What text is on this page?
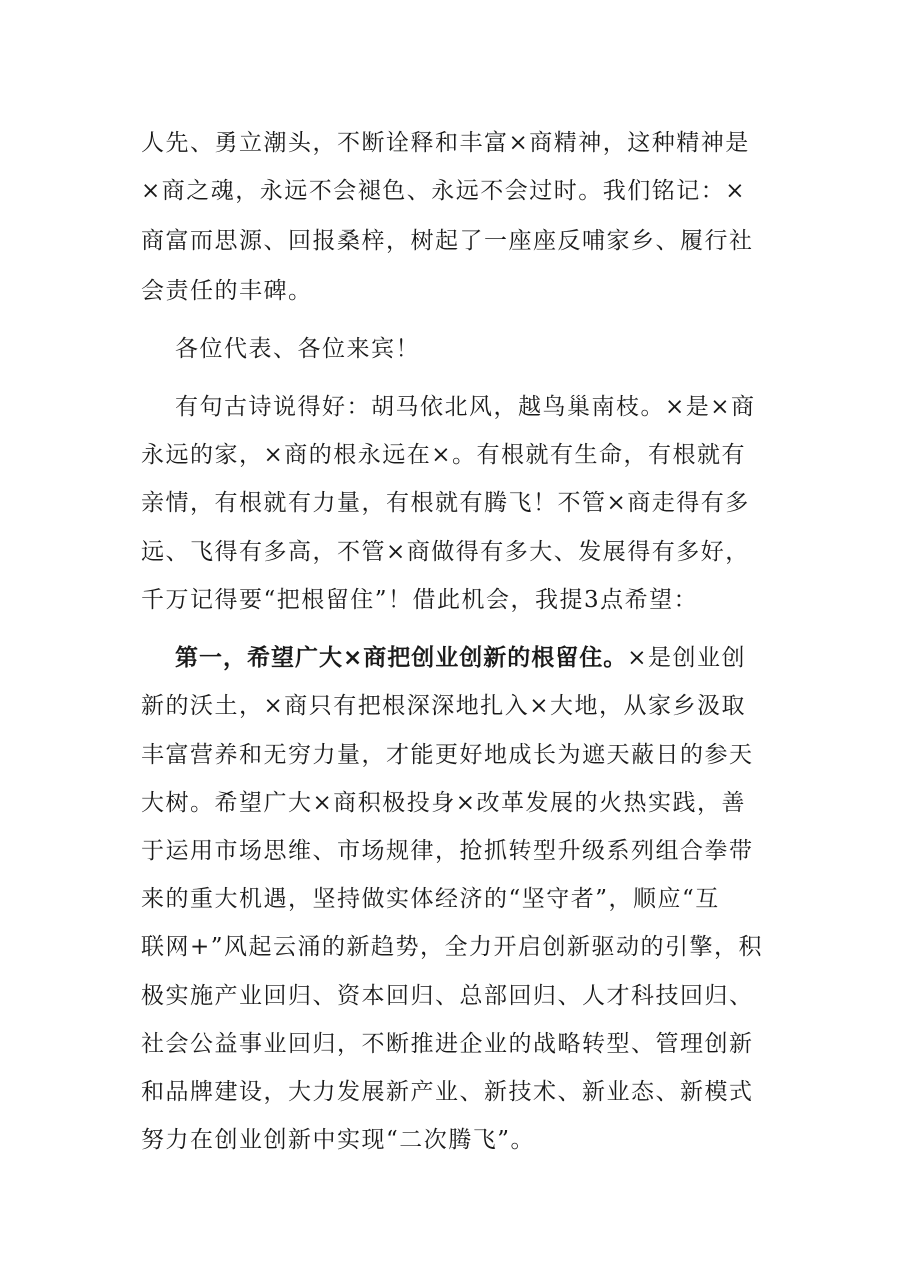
人先、勇立潮头，不断诠释和丰富×商精神，这种精神是
×商之魂，永远不会褪色、永远不会过时。我们铭记：×
商富而思源、回报桑梓，树起了一座座反哺家乡、履行社
会责任的丰碑。
各位代表、各位来宾！
有句古诗说得好：胡马依北风，越鸟巢南枝。×是×商
永远的家，×商的根永远在×。有根就有生命，有根就有
亲情，有根就有力量，有根就有腾飞！不管×商走得有多
远、飞得有多高，不管×商做得有多大、发展得有多好，
千万记得要“把根留住”！借此机会，我提3点希望：
第一，希望广大×商把创业创新的根留住。×是创业创
新的沃土，×商只有把根深深地扎入×大地，从家乡汲取
丰富营养和无穷力量，才能更好地成长为遮天蔽日的参天
大树。希望广大×商积极投身×改革发展的火热实践，善
于运用市场思维、市场规律，抢抓转型升级系列组合拳带
来的重大机遇，坚持做实体经济的“坚守者”，顺应“互
联网+”风起云涌的新趋势，全力开启创新驱动的引擎，积
极实施产业回归、资本回归、总部回归、人才科技回归、
社会公益事业回归，不断推进企业的战略转型、管理创新
和品牌建设，大力发展新产业、新技术、新业态、新模式
努力在创业创新中实现“二次腾飞”。
